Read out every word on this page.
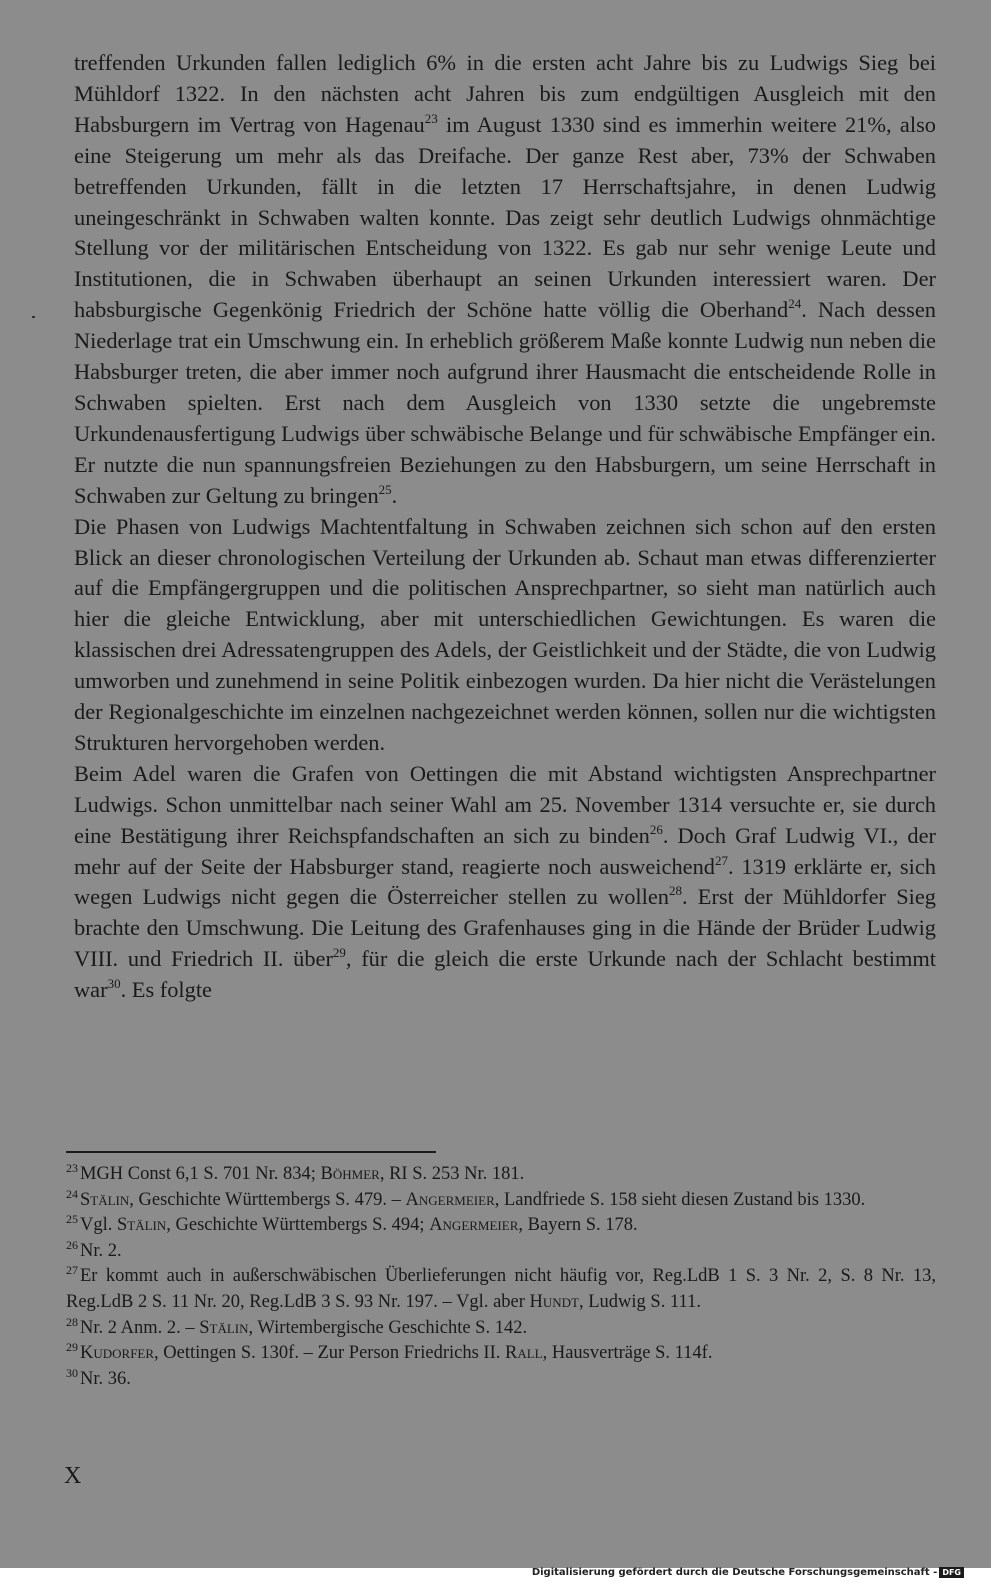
treffenden Urkunden fallen lediglich 6% in die ersten acht Jahre bis zu Ludwigs Sieg bei Mühldorf 1322. In den nächsten acht Jahren bis zum endgültigen Ausgleich mit den Habsburgern im Vertrag von Hagenau$^{23}$ im August 1330 sind es immerhin weitere 21%, also eine Steigerung um mehr als das Dreifache. Der ganze Rest aber, 73% der Schwaben betreffenden Urkunden, fällt in die letzten 17 Herrschaftsjahre, in denen Ludwig uneingeschränkt in Schwaben walten konnte. Das zeigt sehr deutlich Ludwigs ohnmächtige Stellung vor der militärischen Entscheidung von 1322. Es gab nur sehr wenige Leute und Institutionen, die in Schwaben überhaupt an seinen Urkunden interessiert waren. Der habsburgische Gegenkönig Friedrich der Schöne hatte völlig die Oberhand$^{24}$. Nach dessen Niederlage trat ein Umschwung ein. In erheblich größerem Maße konnte Ludwig nun neben die Habsburger treten, die aber immer noch aufgrund ihrer Hausmacht die entscheidende Rolle in Schwaben spielten. Erst nach dem Ausgleich von 1330 setzte die ungebremste Urkundenausfertigung Ludwigs über schwäbische Belange und für schwäbische Empfänger ein. Er nutzte die nun spannungsfreien Beziehungen zu den Habsburgern, um seine Herrschaft in Schwaben zur Geltung zu bringen$^{25}$.

Die Phasen von Ludwigs Machtentfaltung in Schwaben zeichnen sich schon auf den ersten Blick an dieser chronologischen Verteilung der Urkunden ab. Schaut man etwas differenzierter auf die Empfängergruppen und die politischen Ansprechpartner, so sieht man natürlich auch hier die gleiche Entwicklung, aber mit unterschiedlichen Gewichtungen. Es waren die klassischen drei Adressatengruppen des Adels, der Geistlichkeit und der Städte, die von Ludwig umworben und zunehmend in seine Politik einbezogen wurden. Da hier nicht die Verästelungen der Regionalgeschichte im einzelnen nachgezeichnet werden können, sollen nur die wichtigsten Strukturen hervorgehoben werden.

Beim Adel waren die Grafen von Oettingen die mit Abstand wichtigsten Ansprechpartner Ludwigs. Schon unmittelbar nach seiner Wahl am 25. November 1314 versuchte er, sie durch eine Bestätigung ihrer Reichspfandschaften an sich zu binden$^{26}$. Doch Graf Ludwig VI., der mehr auf der Seite der Habsburger stand, reagierte noch ausweichend$^{27}$. 1319 erklärte er, sich wegen Ludwigs nicht gegen die Österreicher stellen zu wollen$^{28}$. Erst der Mühldorfer Sieg brachte den Umschwung. Die Leitung des Grafenhauses ging in die Hände der Brüder Ludwig VIII. und Friedrich II. über$^{29}$, für die gleich die erste Urkunde nach der Schlacht bestimmt war$^{30}$. Es folgte

$^{23}$ MGH Const 6,1 S. 701 Nr. 834; Böhmer, RI S. 253 Nr. 181.

$^{24}$ Stälin, Geschichte Württembergs S. 479. – Angermeier, Landfriede S. 158 sieht diesen Zustand bis 1330.

$^{25}$ Vgl. Stälin, Geschichte Württembergs S. 494; Angermeier, Bayern S. 178.

$^{26}$ Nr. 2.

$^{27}$ Er kommt auch in außerschwäbischen Überlieferungen nicht häufig vor, Reg.LdB 1 S. 3 Nr. 2, S. 8 Nr. 13, Reg.LdB 2 S. 11 Nr. 20, Reg.LdB 3 S. 93 Nr. 197. – Vgl. aber Hundt, Ludwig S. 111.

$^{28}$ Nr. 2 Anm. 2. – Stälin, Wirtembergische Geschichte S. 142.

$^{29}$ Kudorfer, Oettingen S. 130f. – Zur Person Friedrichs II. Rall, Hausverträge S. 114f.

$^{30}$ Nr. 36.

X
Digitalisierung gefördert durch die Deutsche Forschungsgemeinschaft - DFG
